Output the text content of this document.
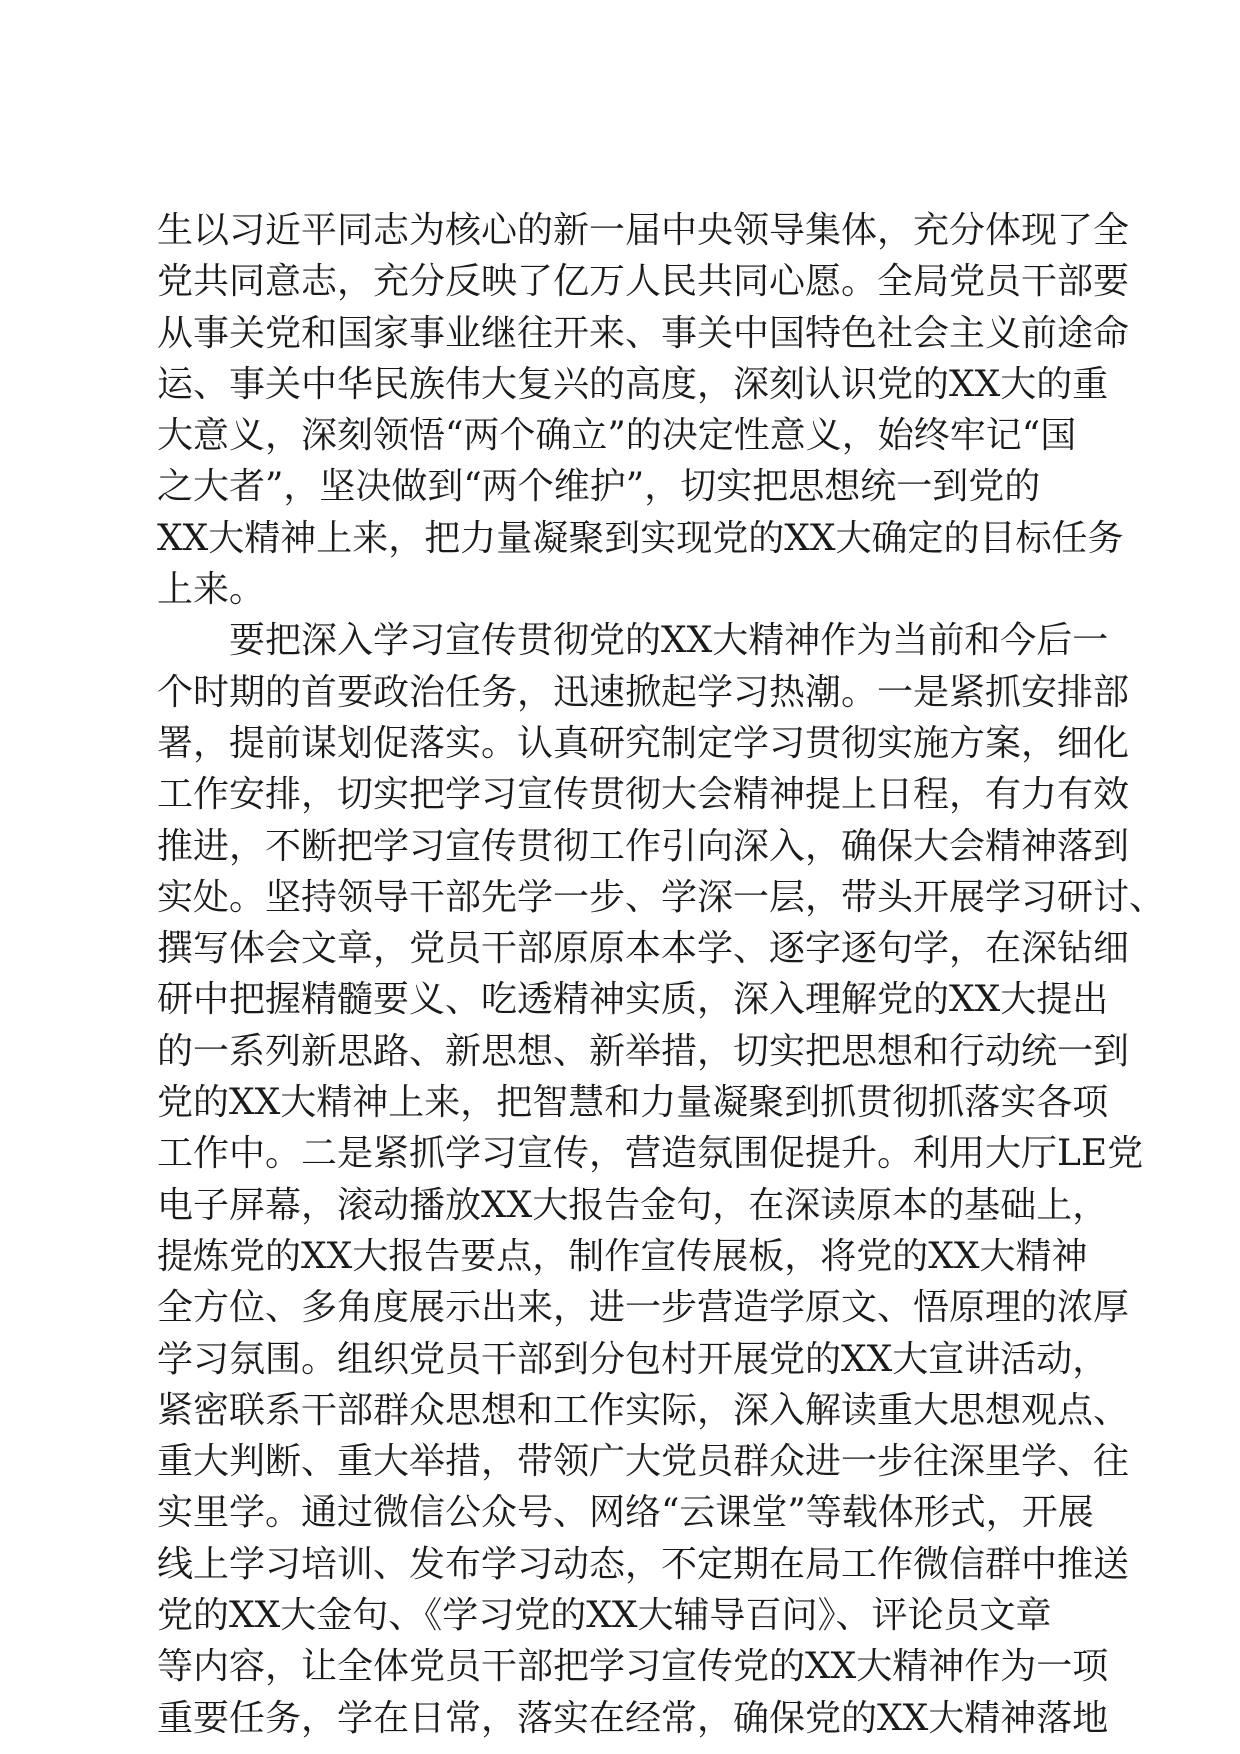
生以习近平同志为核心的新一届中央领导集体，充分体现了全
党共同意志，充分反映了亿万人民共同心愿。全局党员干部要
从事关党和国家事业继往开来、事关中国特色社会主义前途命
运、事关中华民族伟大复兴的高度，深刻认识党的XX大的重
大意义，深刻领悟“两个确立”的决定性意义，始终牢记“国
之大者”，坚决做到“两个维护”，切实把思想统一到党的
XX大精神上来，把力量凝聚到实现党的XX大确定的目标任务
上来。
要把深入学习宣传贯彻党的XX大精神作为当前和今后一
个时期的首要政治任务，迅速掀起学习热潮。一是紧抓安排部
署，提前谋划促落实。认真研究制定学习贯彻实施方案，细化
工作安排，切实把学习宣传贯彻大会精神提上日程，有力有效
推进，不断把学习宣传贯彻工作引向深入，确保大会精神落到
实处。坚持领导干部先学一步、学深一层，带头开展学习研讨、
撰写体会文章，党员干部原原本本学、逐字逐句学，在深钻细
研中把握精髓要义、吃透精神实质，深入理解党的XX大提出
的一系列新思路、新思想、新举措，切实把思想和行动统一到
党的XX大精神上来，把智慧和力量凝聚到抓贯彻抓落实各项
工作中。二是紧抓学习宣传，营造氛围促提升。利用大厅LE党
电子屏幕，滚动播放XX大报告金句，在深读原本的基础上，
提炼党的XX大报告要点，制作宣传展板，将党的XX大精神
全方位、多角度展示出来，进一步营造学原文、悟原理的浓厚
学习氛围。组织党员干部到分包村开展党的XX大宣讲活动，
紧密联系干部群众思想和工作实际，深入解读重大思想观点、
重大判断、重大举措，带领广大党员群众进一步往深里学、往
实里学。通过微信公众号、网络“云课堂”等载体形式，开展
线上学习培训、发布学习动态，不定期在局工作微信群中推送
党的XX大金句、《学习党的XX大辅导百问》、评论员文章
等内容，让全体党员干部把学习宣传党的XX大精神作为一项
重要任务，学在日常，落实在经常，确保党的XX大精神落地
